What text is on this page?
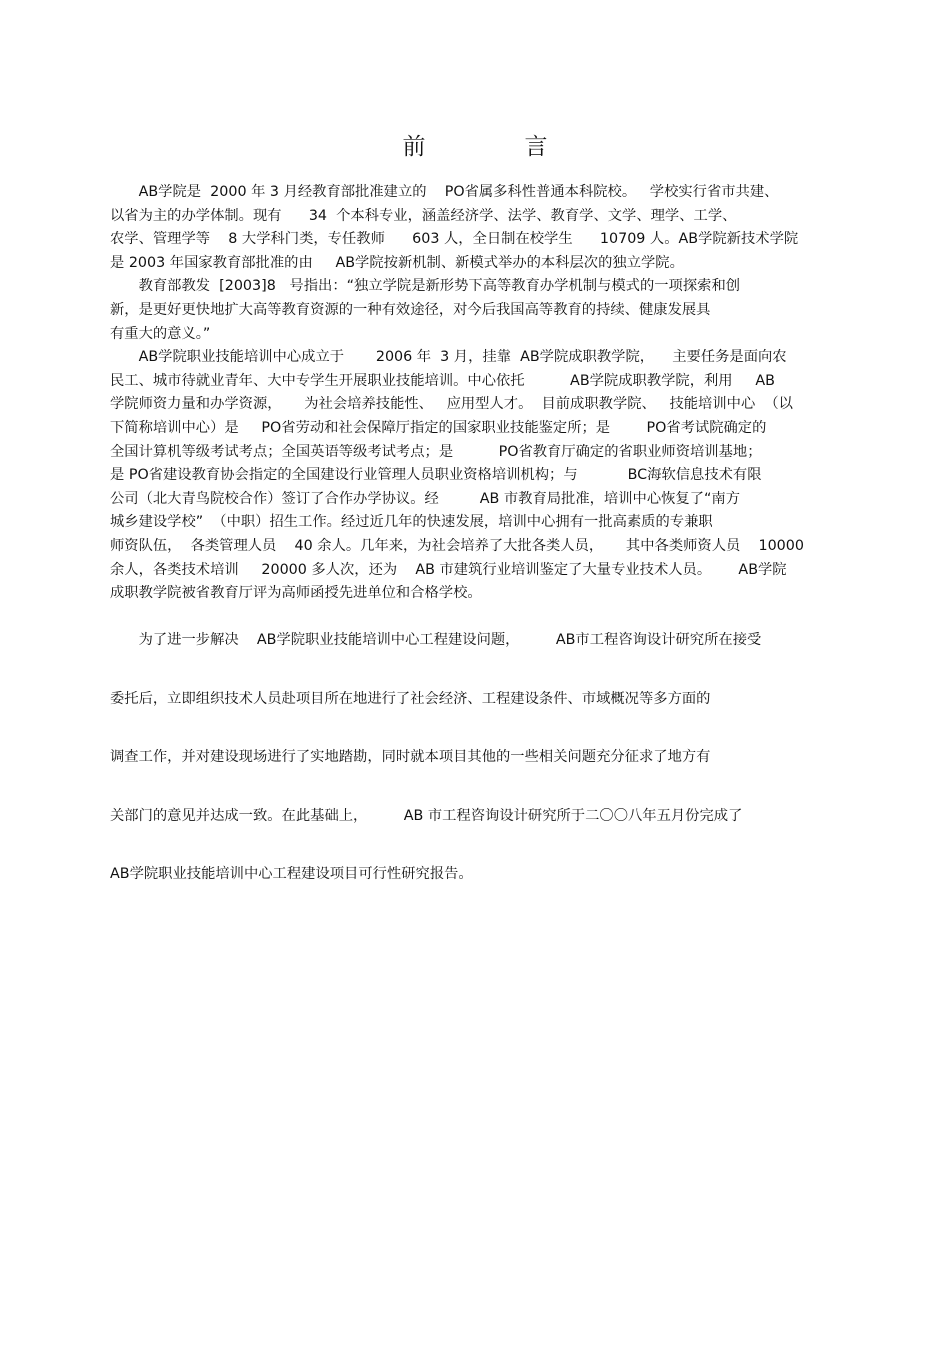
前　言
　　AB学院是  2000 年 3 月经教育部批准建立的    PO省属多科性普通本科院校。   学校实行省市共建、
以省为主的办学体制。现有      34  个本科专业，涵盖经济学、法学、教育学、文学、理学、工学、
农学、管理学等    8 大学科门类，专任教师      603 人，全日制在校学生      10709 人。AB学院新技术学院
是 2003 年国家教育部批准的由     AB学院按新机制、新模式举办的本科层次的独立学院。
　　教育部教发  [2003]8   号指出：“独立学院是新形势下高等教育办学机制与模式的一项探索和创
新，是更好更快地扩大高等教育资源的一种有效途径，对今后我国高等教育的持续、健康发展具
有重大的意义。”
　　AB学院职业技能培训中心成立于       2006 年  3 月，挂靠  AB学院成职教学院，    主要任务是面向农
民工、城市待就业青年、大中专学生开展职业技能培训。中心依托          AB学院成职教学院，利用     AB
学院师资力量和办学资源，     为社会培养技能性、   应用型人才。  目前成职教学院、   技能培训中心  （以
下简称培训中心）是     PO省劳动和社会保障厅指定的国家职业技能鉴定所；是        PO省考试院确定的
全国计算机等级考试考点；全国英语等级考试考点；是          PO省教育厅确定的省职业师资培训基地；
是 PO省建设教育协会指定的全国建设行业管理人员职业资格培训机构；与           BC海软信息技术有限
公司（北大青鸟院校合作）签订了合作办学协议。经         AB 市教育局批准，培训中心恢复了“南方
城乡建设学校”  （中职）招生工作。经过近几年的快速发展，培训中心拥有一批高素质的专兼职
师资队伍，  各类管理人员    40 余人。几年来，为社会培养了大批各类人员，     其中各类师资人员    10000
余人，各类技术培训     20000 多人次，还为    AB 市建筑行业培训鉴定了大量专业技术人员。      AB学院
成职教学院被省教育厅评为高师函授先进单位和合格学校。
　　为了进一步解决    AB学院职业技能培训中心工程建设问题，        AB市工程咨询设计研究所在接受
委托后，立即组织技术人员赴项目所在地进行了社会经济、工程建设条件、市域概况等多方面的
调查工作，并对建设现场进行了实地踏勘，同时就本项目其他的一些相关问题充分征求了地方有
关部门的意见并达成一致。在此基础上，        AB 市工程咨询设计研究所于二〇〇八年五月份完成了
AB学院职业技能培训中心工程建设项目可行性研究报告。
